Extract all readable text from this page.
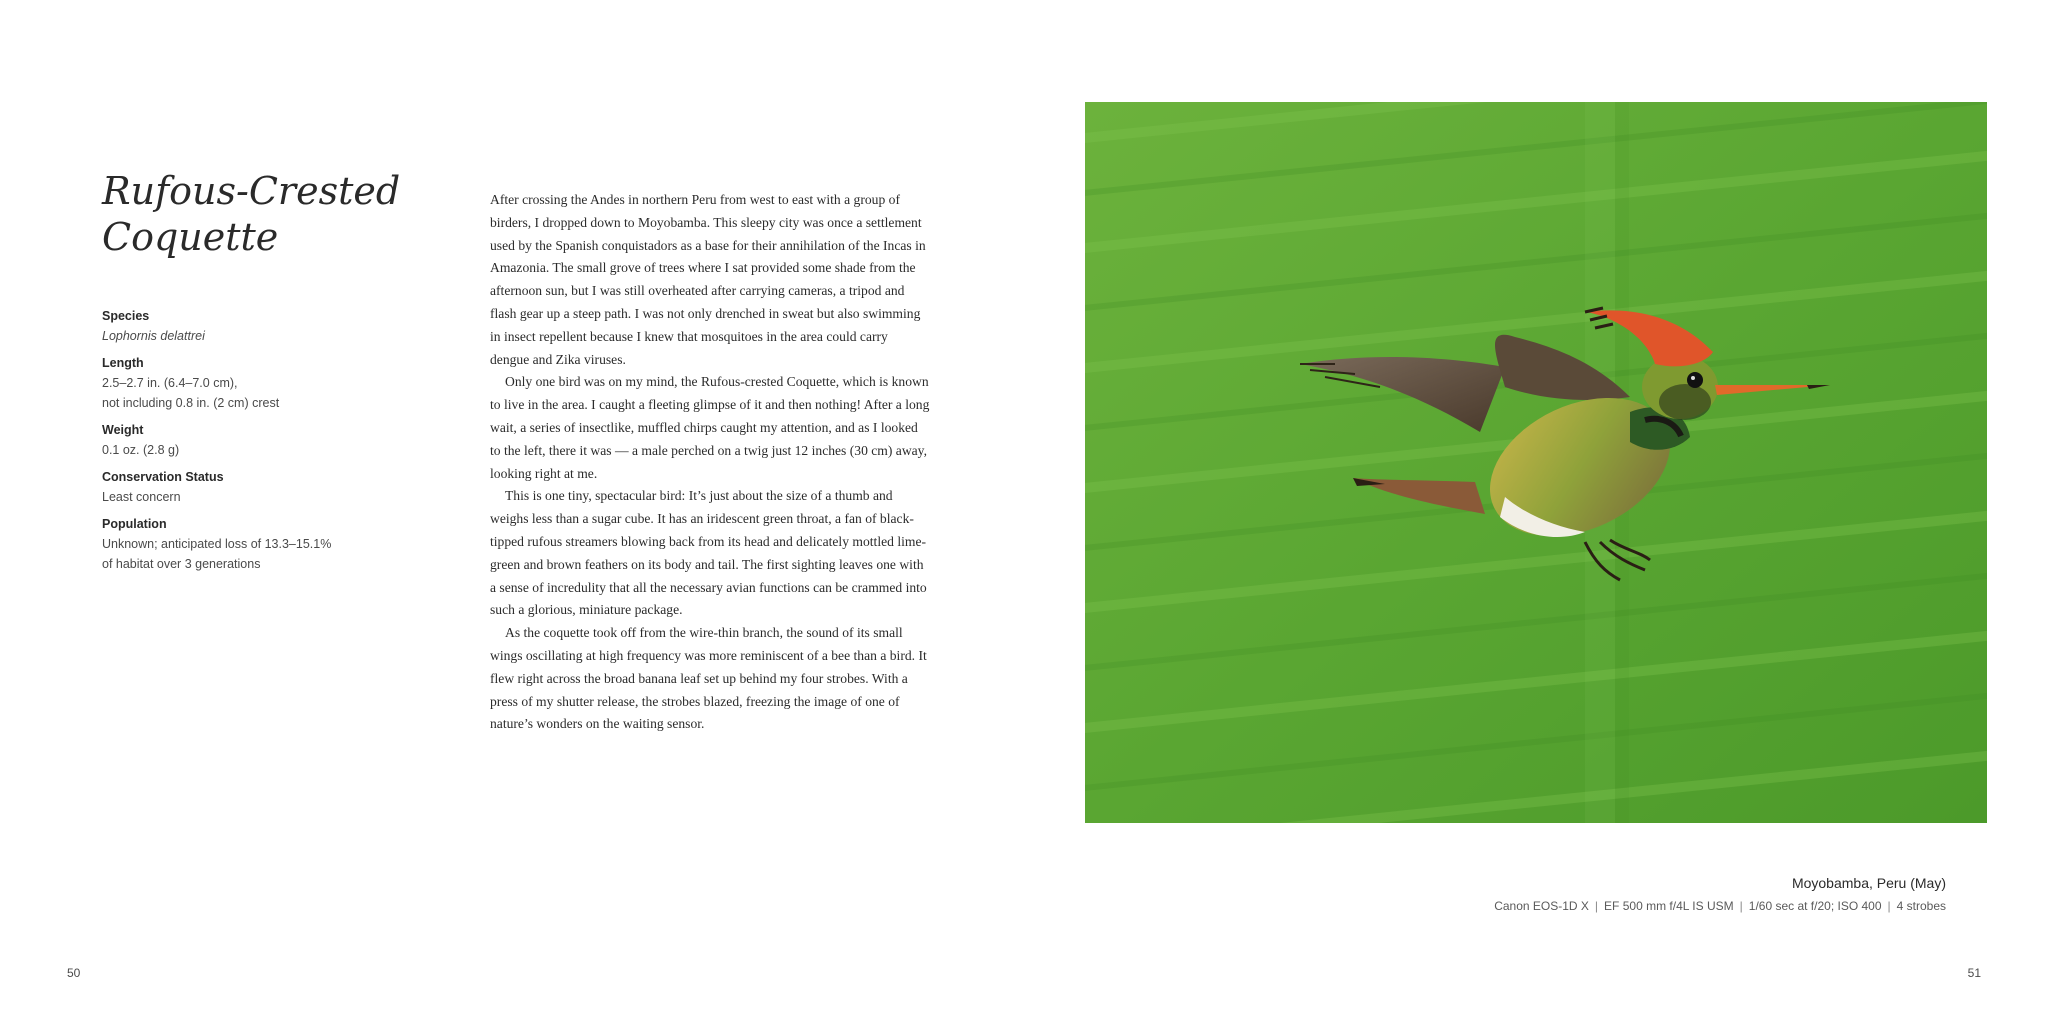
Rufous-Crested
Coquette
Species
Lophornis delattrei
Length
2.5–2.7 in. (6.4–7.0 cm),
not including 0.8 in. (2 cm) crest
Weight
0.1 oz. (2.8 g)
Conservation Status
Least concern
Population
Unknown; anticipated loss of 13.3–15.1%
of habitat over 3 generations

After crossing the Andes in northern Peru from west to east with a group of birders, I dropped down to Moyobamba. This sleepy city was once a settlement used by the Spanish conquistadors as a base for their annihilation of the Incas in Amazonia. The small grove of trees where I sat provided some shade from the afternoon sun, but I was still overheated after carrying cameras, a tripod and flash gear up a steep path. I was not only drenched in sweat but also swimming in insect repellent because I knew that mosquitoes in the area could carry dengue and Zika viruses.

Only one bird was on my mind, the Rufous-crested Coquette, which is known to live in the area. I caught a fleeting glimpse of it and then nothing! After a long wait, a series of insectlike, muffled chirps caught my attention, and as I looked to the left, there it was — a male perched on a twig just 12 inches (30 cm) away, looking right at me.

This is one tiny, spectacular bird: It’s just about the size of a thumb and weighs less than a sugar cube. It has an iridescent green throat, a fan of black-tipped rufous streamers blowing back from its head and delicately mottled lime-green and brown feathers on its body and tail. The first sighting leaves one with a sense of incredulity that all the necessary avian functions can be crammed into such a glorious, miniature package.

As the coquette took off from the wire-thin branch, the sound of its small wings oscillating at high frequency was more reminiscent of a bee than a bird. It flew right across the broad banana leaf set up behind my four strobes. With a press of my shutter release, the strobes blazed, freezing the image of one of nature’s wonders on the waiting sensor.

Moyobamba, Peru (May)
Canon EOS-1D X | EF 500 mm f/4L IS USM | 1/60 sec at f/20; ISO 400 | 4 strobes
50	51
